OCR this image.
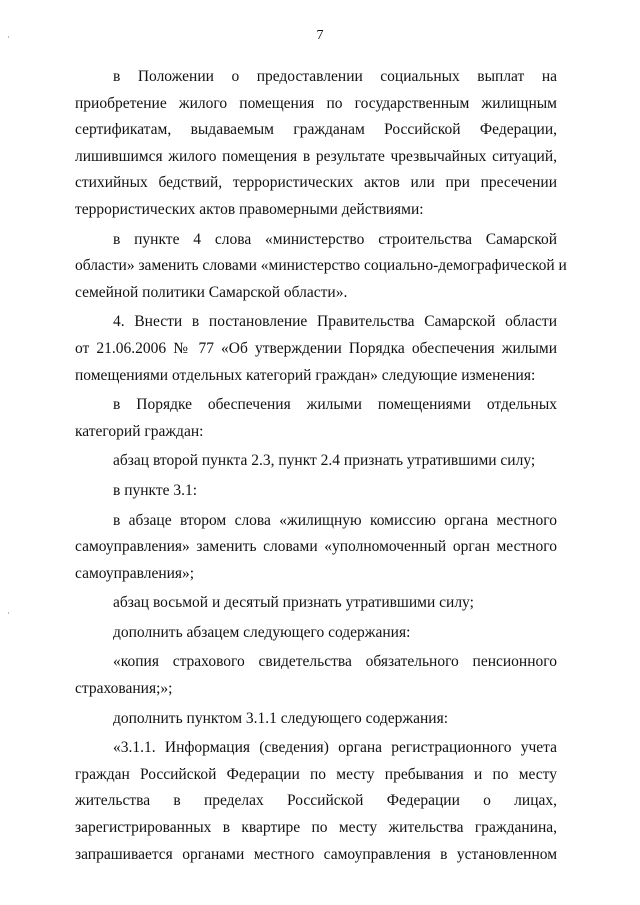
7
в Положении о предоставлении социальных выплат на
приобретение жилого помещения по государственным жилищным
сертификатам, выдаваемым гражданам Российской Федерации,
лишившимся жилого помещения в результате чрезвычайных ситуаций,
стихийных бедствий, террористических актов или при пресечении
террористических актов правомерными действиями:
в пункте 4 слова «министерство строительства Самарской
области» заменить словами «министерство социально-демографической и
семейной политики Самарской области».
4. Внести в постановление Правительства Самарской области
от 21.06.2006 № 77 «Об утверждении Порядка обеспечения жилыми
помещениями отдельных категорий граждан» следующие изменения:
в Порядке обеспечения жилыми помещениями отдельных
категорий граждан:
абзац второй пункта 2.3, пункт 2.4 признать утратившими силу;
в пункте 3.1:
в абзаце втором слова «жилищную комиссию органа местного
самоуправления» заменить словами «уполномоченный орган местного
самоуправления»;
абзац восьмой и десятый признать утратившими силу;
дополнить абзацем следующего содержания:
«копия страхового свидетельства обязательного пенсионного
страхования;»;
дополнить пунктом 3.1.1 следующего содержания:
«3.1.1. Информация (сведения) органа регистрационного учета
граждан Российской Федерации по месту пребывания и по месту
жительства в пределах Российской Федерации о лицах,
зарегистрированных в квартире по месту жительства гражданина,
запрашивается органами местного самоуправления в установленном
